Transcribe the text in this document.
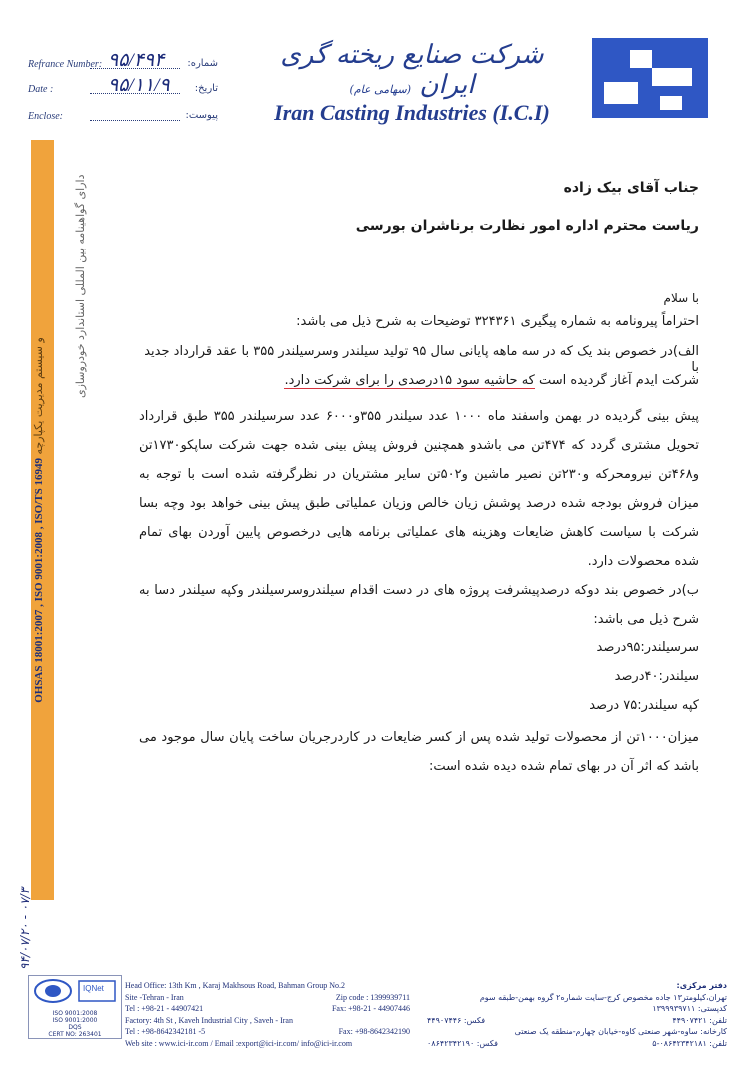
Refrance Number: ۹۵/۴۹۴ شماره:
Date :	۹۵/۱۱/۹	تاریخ:
Enclose:	پیوست:
شرکت صنایع ریخته گری ایران (سهامی عام)
Iran Casting Industries (I.C.I)
OHSAS 18001:2007 , ISO 9001:2008 , ISO/TS 16949 و سیستم مدیریت یکپارچه	دارای گواهینامه بین المللی استاندارد خودروسازی
۹۴/۰۷/۲۰ - ۰۷/۳
جناب آقای بیک زاده
ریاست محترم اداره امور نظارت برناشران بورسی
با سلام
احتراماً پیرونامه به شماره پیگیری ۳۲۴۳۶۱ توضیحات به شرح ذیل می باشد:
الف)در خصوص بند یک که در سه ماهه پایانی سال ۹۵ تولید سیلندر وسرسیلندر ۳۵۵ با عقد قرارداد جدید با
شرکت ایدم آغاز گردیده است که حاشیه سود ۱۵درصدی را برای شرکت دارد.
پیش بینی گردیده در بهمن واسفند ماه ۱۰۰۰ عدد سیلندر ۳۵۵و۶۰۰۰ عدد سرسیلندر ۳۵۵ طبق قرارداد تحویل مشتری گردد که ۴۷۴تن می باشدو همچنین فروش پیش بینی شده جهت شرکت ساپکو۱۷۳۰تن و۴۶۸تن نیرومحرکه و۲۳۰تن نصیر ماشین و۵۰۲تن سایر مشتریان در نظرگرفته شده است با توجه به میزان فروش بودجه شده درصد پوشش زیان خالص وزیان عملیاتی طبق پیش بینی خواهد بود وچه بسا شرکت با سیاست کاهش ضایعات وهزینه های عملیاتی برنامه هایی درخصوص پایین آوردن بهای تمام شده محصولات دارد.
ب)در خصوص بند دوکه درصدپیشرفت پروژه های در دست اقدام سیلندروسرسیلندر وکپه سیلندر دسا به شرح ذیل می باشد:
سرسیلندر:۹۵درصد
سیلندر:۴۰درصد
کپه سیلندر:۷۵ درصد
میزان۱۰۰۰تن از محصولات تولید شده پس از کسر ضایعات در کاردرجریان ساخت پایان سال موجود می باشد که اثر آن در بهای تمام شده دیده شده است:
IQNet
ISO 9001:2008
ISO 9001:2000
DQS
CERT NO: 263401
Head Office: 13th Km , Karaj Makhsous Road, Bahman Group No.2
Site -Tehran - Iran	Zip code : 1399939711
Tel : +98-21 - 44907421	Fax: +98-21 - 44907446
Factory: 4th St , Kaveh Industrial City , Saveh - Iran
Tel : +98-8642342181 -5	Fax: +98-8642342190
Web site : www.ici-ir.com / Email :export@ici-ir.com/ info@ici-ir.com
دفتر مرکزی:
تهران،کیلومتر۱۳ جاده مخصوص کرج-سایت شماره۲ گروه بهمن-طبقه سوم
کدپستی: ۱۳۹۹۹۳۹۷۱۱
تلفن: ۴۴۹۰۷۴۲۱
فکس: ۴۴۹۰۷۴۴۶
کارخانه: ساوه-شهر صنعتی کاوه-خیابان چهارم-منطقه یک صنعتی
تلفن: ۰۸۶۴۲۳۴۲۱۸۱-۵
فکس: ۰۸۶۴۲۳۴۲۱۹۰
